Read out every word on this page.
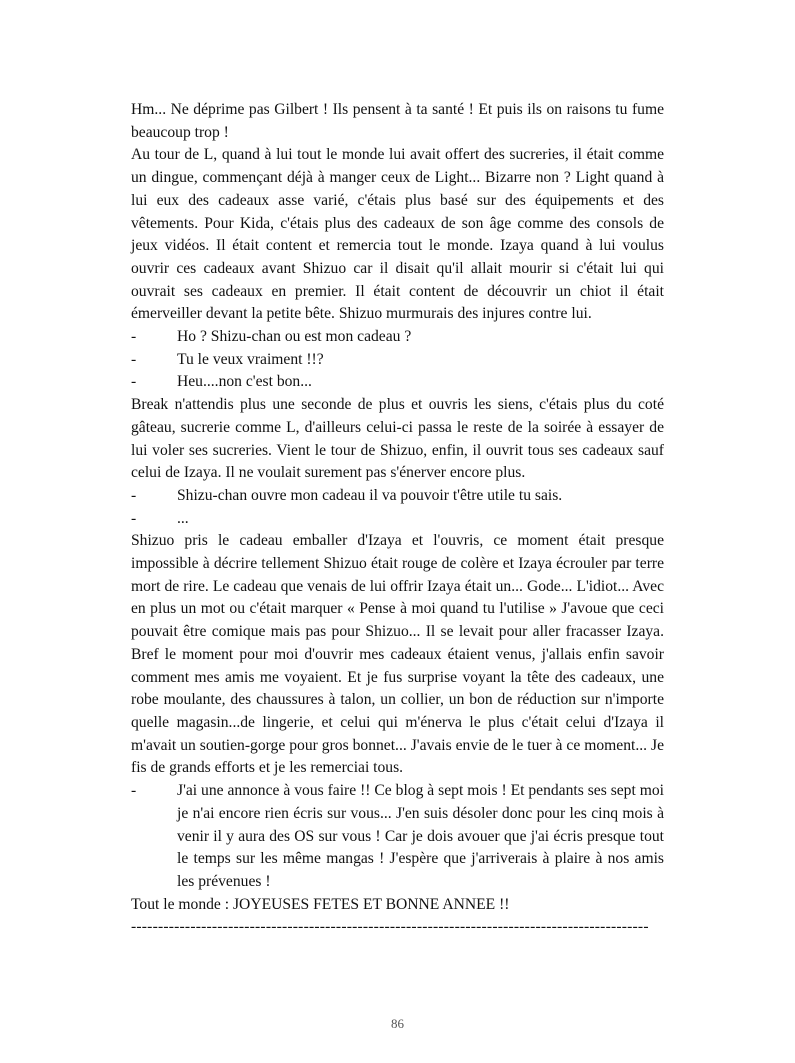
Hm... Ne déprime pas Gilbert ! Ils pensent à ta santé ! Et puis ils on raisons tu fume beaucoup trop !

Au tour de L, quand à lui tout le monde lui avait offert des sucreries, il était comme un dingue, commençant déjà à manger ceux de Light... Bizarre non ? Light quand à lui eux des cadeaux asse varié, c'étais plus basé sur des équipements et des vêtements. Pour Kida, c'étais plus des cadeaux de son âge comme des consols de jeux vidéos. Il était content et remercia tout le monde. Izaya quand à lui voulus ouvrir ces cadeaux avant Shizuo car il disait qu'il allait mourir si c'était lui qui ouvrait ses cadeaux en premier. Il était content de découvrir un chiot il était émerveiller devant la petite bête. Shizuo murmurais des injures contre lui.

-	Ho ? Shizu-chan ou est mon cadeau ?
-	Tu le veux vraiment !!?
-	Heu....non c'est bon...

Break n'attendis plus une seconde de plus et ouvris les siens, c'étais plus du coté gâteau, sucrerie comme L, d'ailleurs celui-ci passa le reste de la soirée à essayer de lui voler ses sucreries. Vient le tour de Shizuo, enfin, il ouvrit tous ses cadeaux sauf celui de Izaya. Il ne voulait surement pas s'énerver encore plus.

-	Shizu-chan ouvre mon cadeau il va pouvoir t'être utile tu sais.
-	...

Shizuo pris le cadeau emballer d'Izaya et l'ouvris, ce moment était presque impossible à décrire tellement Shizuo était rouge de colère et Izaya écrouler par terre mort de rire. Le cadeau que venais de lui offrir Izaya était un... Gode... L'idiot... Avec en plus un mot ou c'était marquer « Pense à moi quand tu l'utilise » J'avoue que ceci pouvait être comique mais pas pour Shizuo... Il se levait pour aller fracasser Izaya. Bref le moment pour moi d'ouvrir mes cadeaux étaient venus, j'allais enfin savoir comment mes amis me voyaient. Et je fus surprise voyant la tête des cadeaux, une robe moulante, des chaussures à talon, un collier, un bon de réduction sur n'importe quelle magasin...de lingerie, et celui qui m'énerva le plus c'était celui d'Izaya il m'avait un soutien-gorge pour gros bonnet... J'avais envie de le tuer à ce moment... Je fis de grands efforts et je les remerciai tous.

-	J'ai une annonce à vous faire !! Ce blog à sept mois ! Et pendants ses sept moi je n'ai encore rien écris sur vous... J'en suis désoler donc pour les cinq mois à venir il y aura des OS sur vous ! Car je dois avouer que j'ai écris presque tout le temps sur les même mangas ! J'espère que j'arriverais à plaire à nos amis les prévenues !

Tout le monde : JOYEUSES FETES ET BONNE ANNEE !!

------------------------------------------------------------------------------------------------

86
